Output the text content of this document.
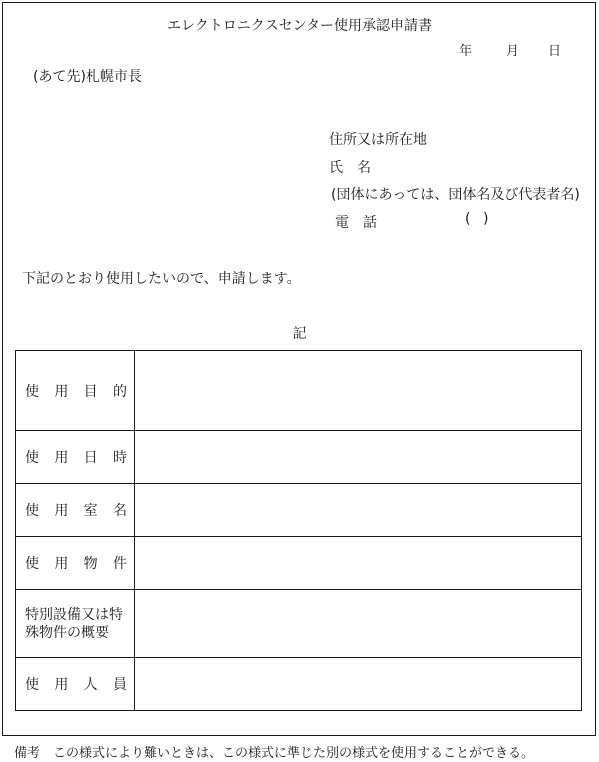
エレクトロニクスセンター使用承認申請書
年	月 日
(あて先)札幌市長
住所又は所在地
氏 名
(団体にあっては、団体名及び代表者名)
電 話	( )
下記のとおり使用したいので、申請します。
記
使 用 目 的	

使 用 日 時	

使 用 室 名	

使 用 物 件	

特別設備又は特殊物件の概要	

使 用 人 員	

備考　この様式により難いときは、この様式に準じた別の様式を使用することができる。
